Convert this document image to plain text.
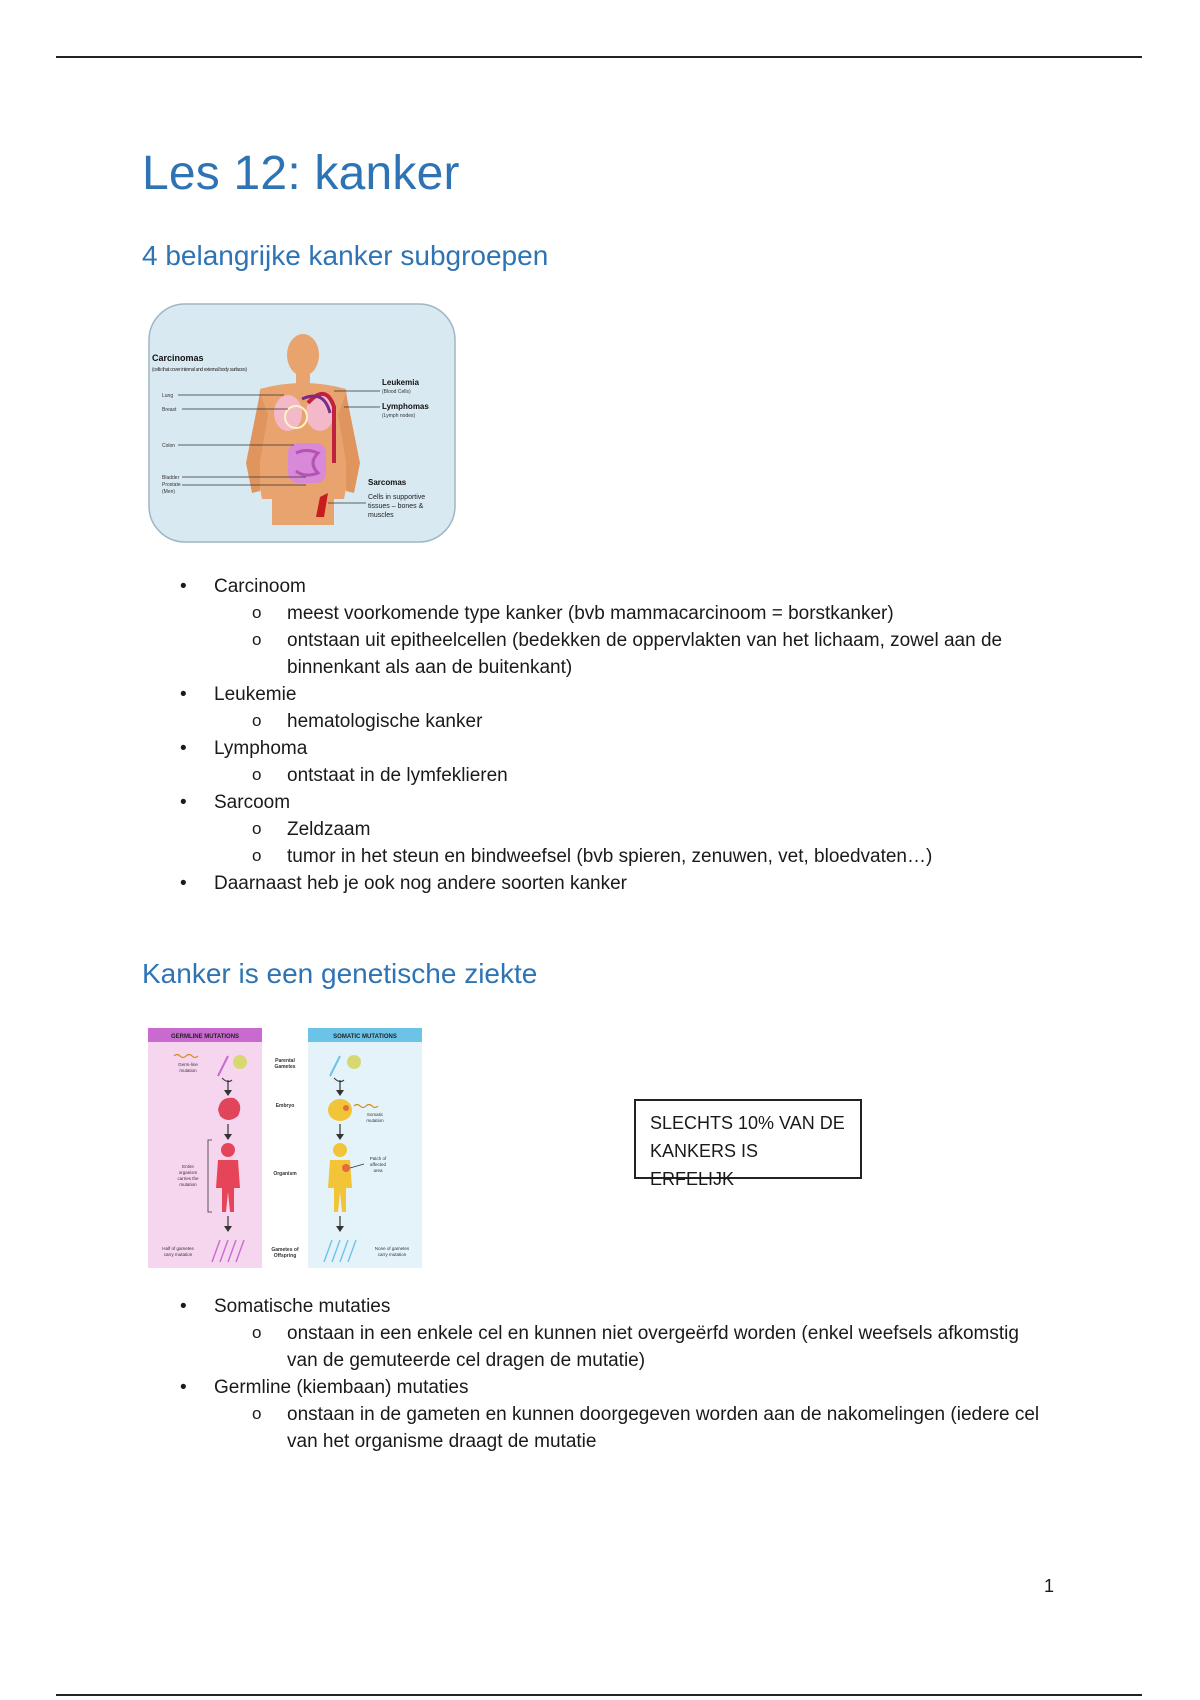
Les 12: kanker
4 belangrijke kanker subgroepen
Carcinomas
(cells that cover internal and external body surfaces)
Lung
Breast
Colon
Bladder
Prostate
(Men)
Leukemia
(Blood Cells)
Lymphomas
(Lymph nodes)
Sarcomas
Cells in supportive
tissues – bones &
muscles
• Carcinoom
o meest voorkomende type kanker (bvb mammacarcinoom = borstkanker)
o ontstaan uit epitheelcellen (bedekken de oppervlakten van het lichaam, zowel aan de binnenkant als aan de buitenkant)
• Leukemie
o hematologische kanker
• Lymphoma
o ontstaat in de lymfeklieren
• Sarcoom
o Zeldzaam
o tumor in het steun en bindweefsel (bvb spieren, zenuwen, vet, bloedvaten…)
• Daarnaast heb je ook nog andere soorten kanker
Kanker is een genetische ziekte
GERMLINE MUTATIONS	SOMATIC MUTATIONS
Parental
Gametes
Embryo
Organism
Gametes of
Offspring
Germ-line
mutation
Entire
organism
carries the
mutation
Half of gametes
carry mutation
Somatic
mutation
Patch of
affected
area
None of gametes
carry mutation
SLECHTS 10% VAN DE KANKERS IS ERFELIJK
• Somatische mutaties
o onstaan in een enkele cel en kunnen niet overgeërfd worden (enkel weefsels afkomstig van de gemuteerde cel dragen de mutatie)
• Germline (kiembaan) mutaties
o onstaan in de gameten en kunnen doorgegeven worden aan de nakomelingen (iedere cel van het organisme draagt de mutatie
1
